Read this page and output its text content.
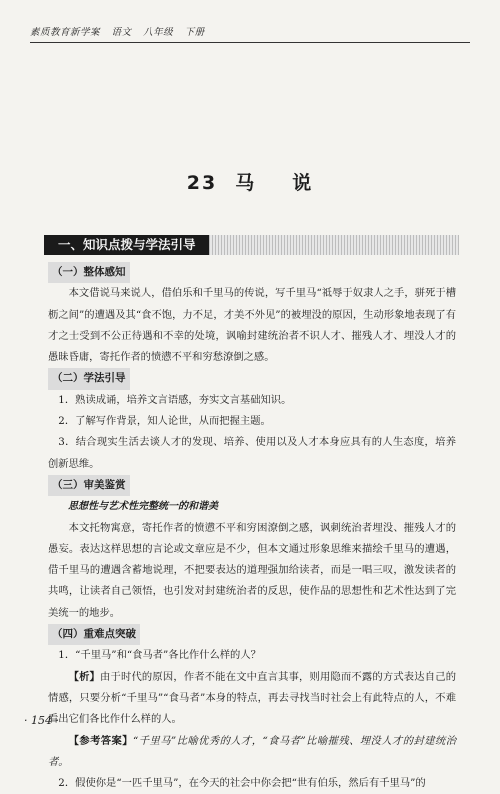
素质教育新学案 语文 八年级 下册
23 马 说
一、知识点拨与学法引导
（一）整体感知

本文借说马来说人，借伯乐和千里马的传说，写千里马“祗辱于奴隶人之手，骈死于槽枥之间”的遭遇及其“食不饱，力不足，才美不外见”的被埋没的原因，生动形象地表现了有才之士受到不公正待遇和不幸的处境，讽喻封建统治者不识人才、摧残人才、埋没人才的愚昧昏庸，寄托作者的愤懑不平和穷愁潦倒之感。

（二）学法引导

1．熟读成诵，培养文言语感，夯实文言基础知识。

2．了解写作背景，知人论世，从而把握主题。

3．结合现实生活去谈人才的发现、培养、使用以及人才本身应具有的人生态度，培养创新思维。

（三）审美鉴赏

思想性与艺术性完整统一的和谐美

本文托物寓意，寄托作者的愤懑不平和穷困潦倒之感，讽刺统治者埋没、摧残人才的愚妄。表达这样思想的言论或文章应是不少，但本文通过形象思维来描绘千里马的遭遇，借千里马的遭遇含蓄地说理，不把要表达的道理强加给读者，而是一唱三叹，激发读者的共鸣，让读者自己领悟，也引发对封建统治者的反思，使作品的思想性和艺术性达到了完美统一的地步。

（四）重难点突破

1．“千里马”和“食马者”各比作什么样的人？

【析】由于时代的原因，作者不能在文中直言其事，则用隐而不露的方式表达自己的情感，只要分析“千里马”“食马者”本身的特点，再去寻找当时社会上有此特点的人，不难看出它们各比作什么样的人。

【参考答案】“千里马”比喻优秀的人才，“食马者”比喻摧残、埋没人才的封建统治者。

2．假使你是“一匹千里马”，在今天的社会中你会把“世有伯乐，然后有千里马”的

· 154 ·
